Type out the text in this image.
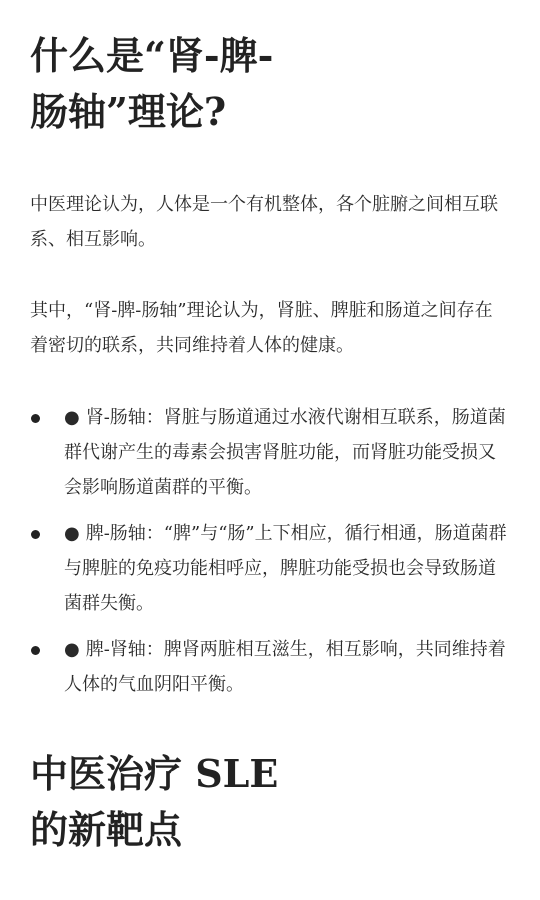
什么是“肾-脾-
肠轴”理论?

中医理论认为，人体是一个有机整体，各个脏腑之间相互联系、相互影响。

其中，“肾-脾-肠轴”理论认为，肾脏、脾脏和肠道之间存在着密切的联系，共同维持着人体的健康。

● 肾-肠轴：肾脏与肠道通过水液代谢相互联系，肠道菌群代谢产生的毒素会损害肾脏功能，而肾脏功能受损又会影响肠道菌群的平衡。
● 脾-肠轴：“脾”与“肠”上下相应，循行相通，肠道菌群与脾脏的免疫功能相呼应，脾脏功能受损也会导致肠道菌群失衡。
● 脾-肾轴：脾肾两脏相互滋生，相互影响，共同维持着人体的气血阴阳平衡。
中医治疗 SLE
的新靶点
